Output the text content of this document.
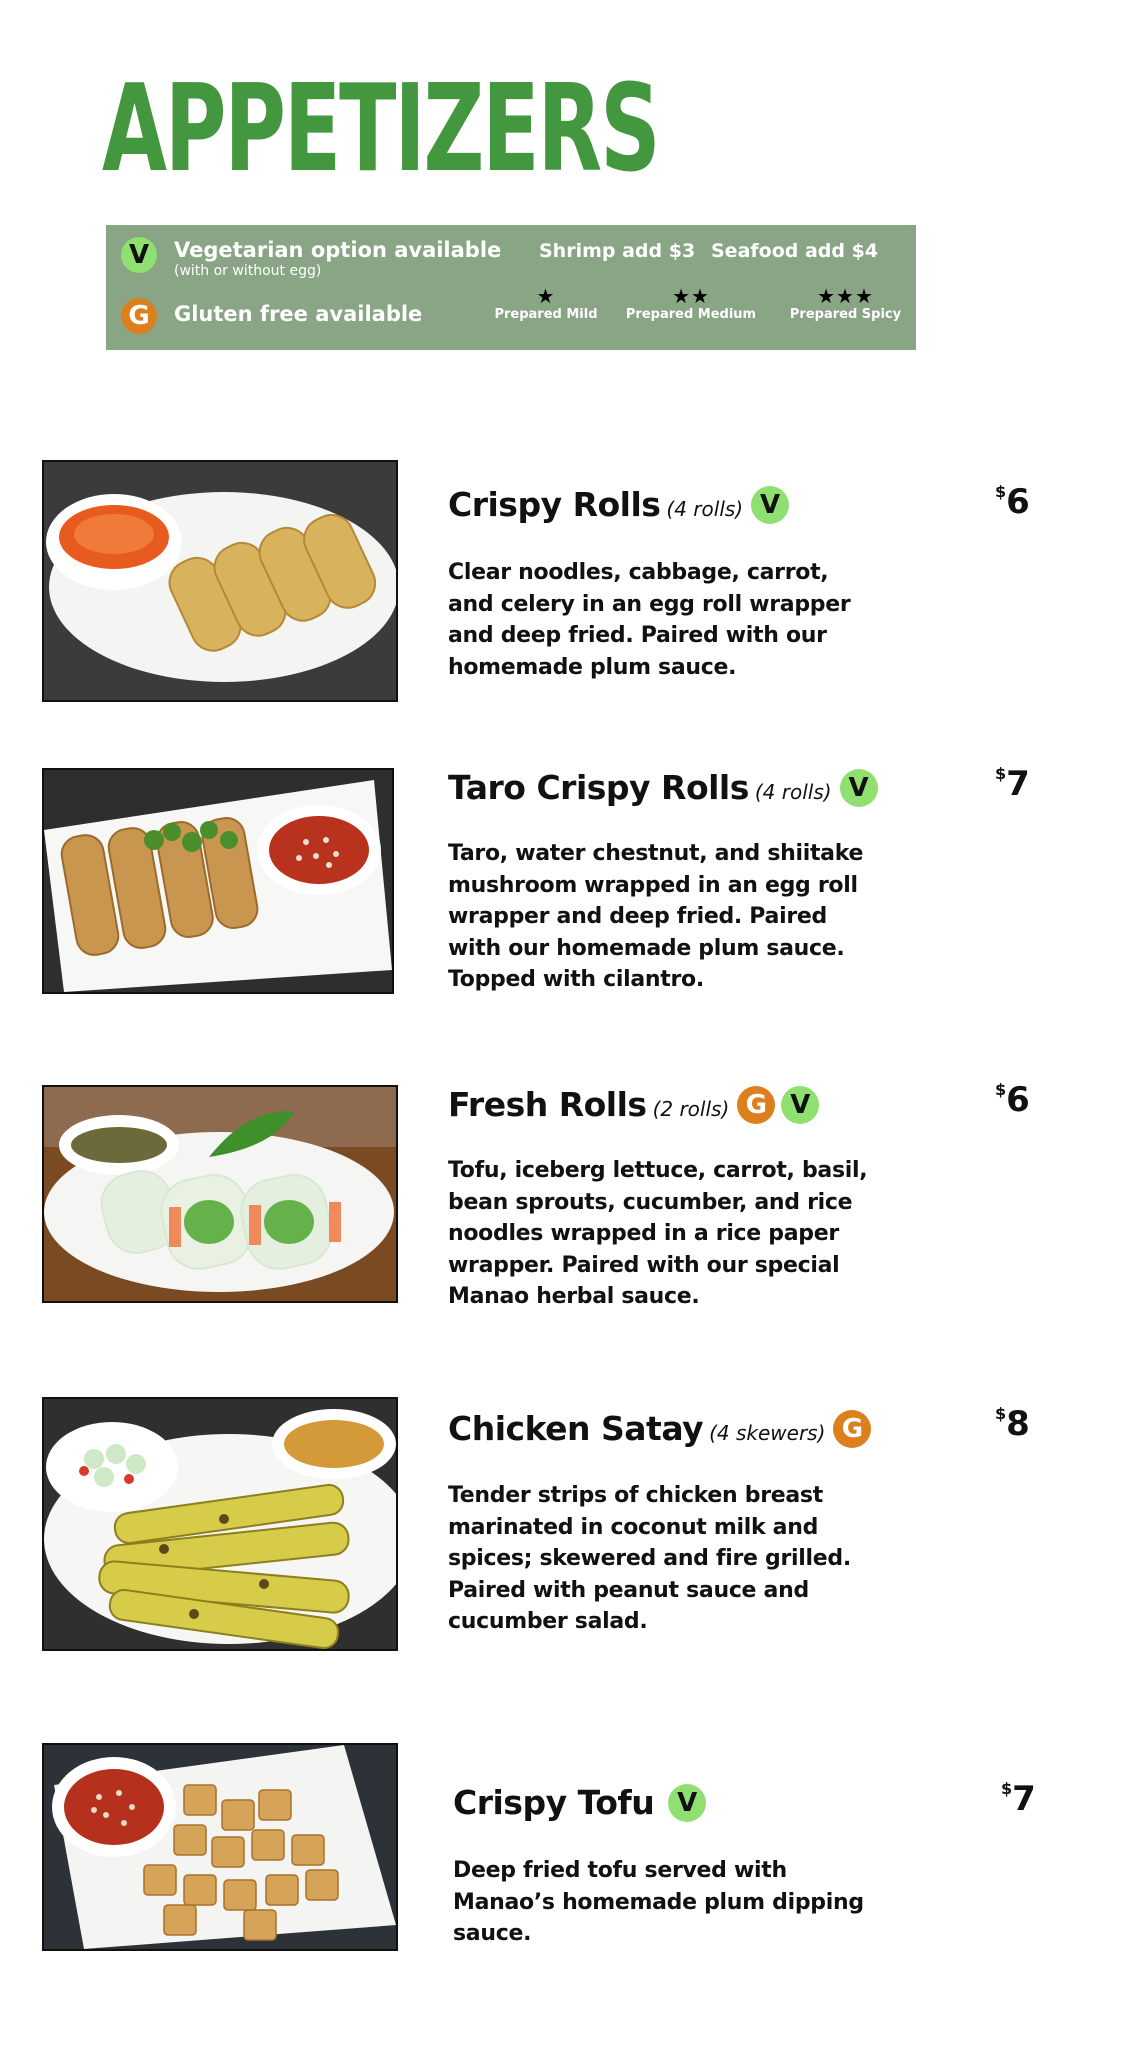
APPETIZERS
V	Vegetarian option available
(with or without egg)
G	Gluten free available
Shrimp add $3 Seafood add $4
★
Prepared Mild
★★
Prepared Medium
★★★
Prepared Spicy
Crispy Rolls (4 rolls) V	$6
Clear noodles, cabbage, carrot, and celery in an egg roll wrapper and deep fried. Paired with our homemade plum sauce.
Taro Crispy Rolls (4 rolls) V	$7
Taro, water chestnut, and shiitake mushroom wrapped in an egg roll wrapper and deep fried. Paired with our homemade plum sauce. Topped with cilantro.
Fresh Rolls (2 rolls) G V
$6
Tofu, iceberg lettuce, carrot, basil, bean sprouts, cucumber, and rice noodles wrapped in a rice paper wrapper. Paired with our special Manao herbal sauce.
Chicken Satay (4 skewers) G
$8
Tender strips of chicken breast marinated in coconut milk and spices; skewered and fire grilled. Paired with peanut sauce and cucumber salad.
Crispy Tofu V	$7
Deep fried tofu served with Manao’s homemade plum dipping sauce.
